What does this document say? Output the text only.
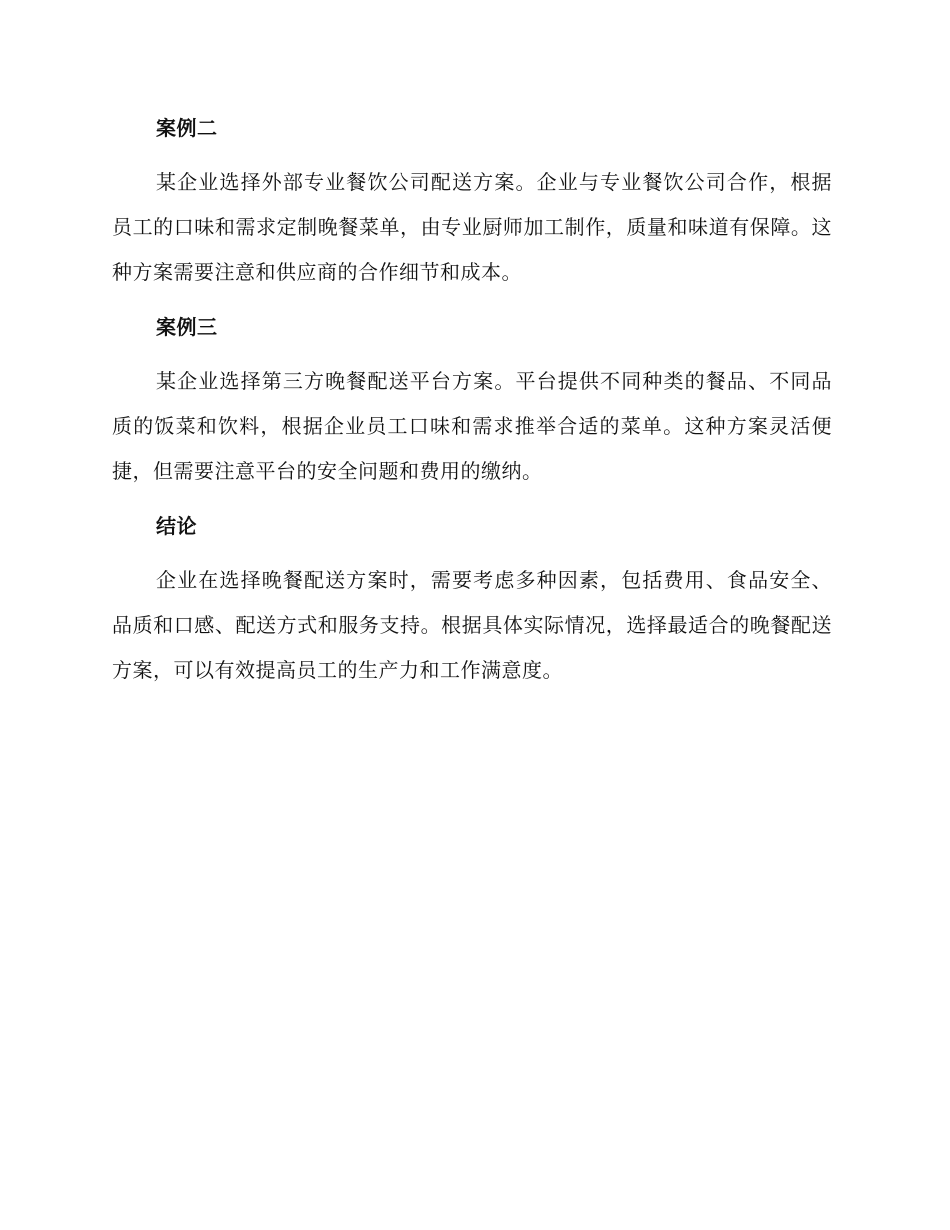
案例二

某企业选择外部专业餐饮公司配送方案。企业与专业餐饮公司合作，根据员工的口味和需求定制晚餐菜单，由专业厨师加工制作，质量和味道有保障。这种方案需要注意和供应商的合作细节和成本。

案例三

某企业选择第三方晚餐配送平台方案。平台提供不同种类的餐品、不同品质的饭菜和饮料，根据企业员工口味和需求推举合适的菜单。这种方案灵活便捷，但需要注意平台的安全问题和费用的缴纳。

结论

企业在选择晚餐配送方案时，需要考虑多种因素，包括费用、食品安全、品质和口感、配送方式和服务支持。根据具体实际情况，选择最适合的晚餐配送方案，可以有效提高员工的生产力和工作满意度。
